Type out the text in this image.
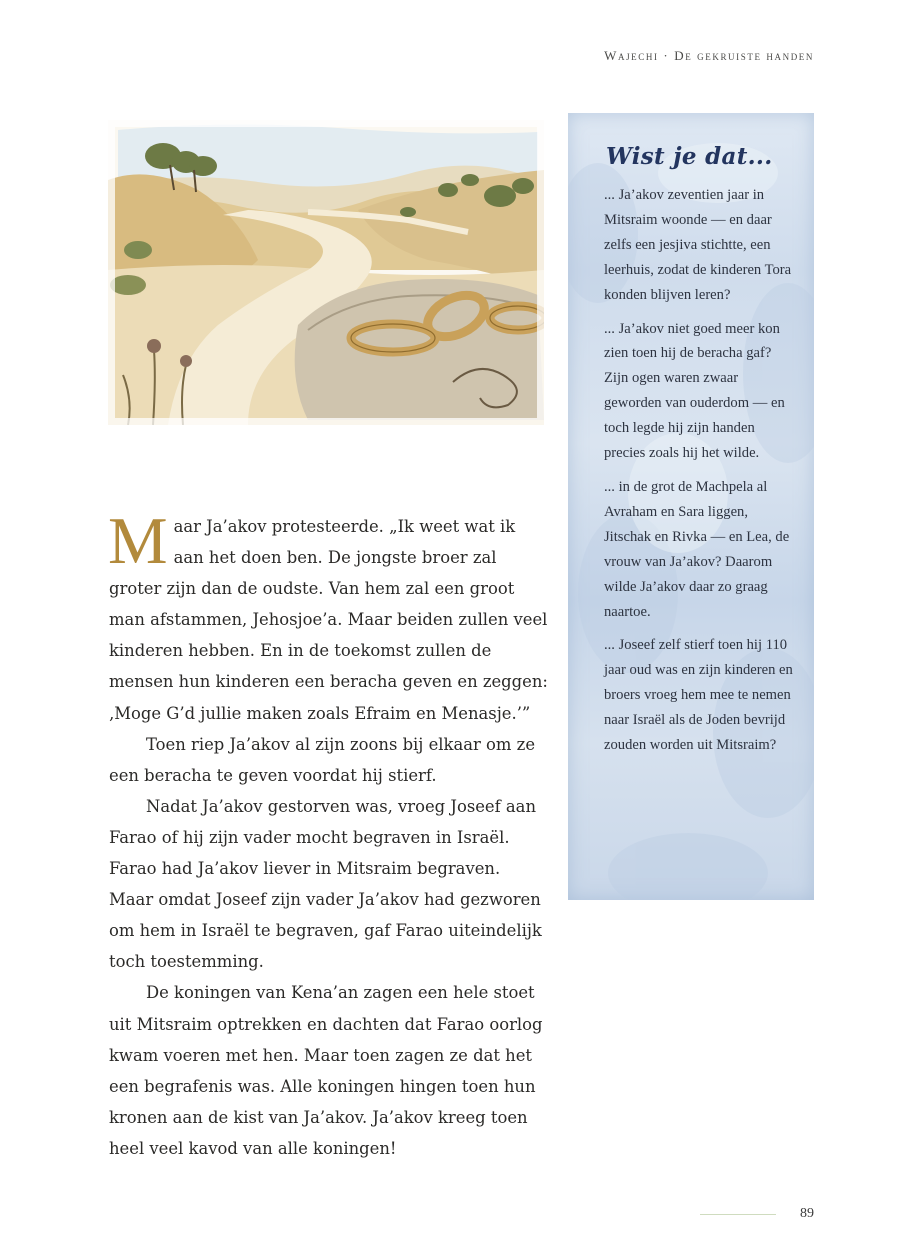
Wajechi · De gekruiste handen

Maar Ja’akov protesteerde. „Ik weet wat ik aan het doen ben. De jongste broer zal groter zijn dan de oudste. Van hem zal een groot man afstammen, Jehosjoe’a. Maar beiden zullen veel kinderen hebben. En in de toekomst zullen de mensen hun kinderen een beracha geven en zeggen: ‚Moge G’d jullie maken zoals Efraim en Menasje.’”

Toen riep Ja’akov al zijn zoons bij elkaar om ze een beracha te geven voordat hij stierf.

Nadat Ja’akov gestorven was, vroeg Joseef aan Farao of hij zijn vader mocht begraven in Israël. Farao had Ja’akov liever in Mitsraim begraven. Maar omdat Joseef zijn vader Ja’akov had gezworen om hem in Israël te begraven, gaf Farao uiteindelijk toch toestemming.

De koningen van Kena’an zagen een hele stoet uit Mitsraim optrekken en dachten dat Farao oorlog kwam voeren met hen. Maar toen zagen ze dat het een begrafenis was. Alle koningen hingen toen hun kronen aan de kist van Ja’akov. Ja’akov kreeg toen heel veel kavod van alle koningen!

Wist je dat...

... Ja’akov zeventien jaar in Mitsraim woonde — en daar zelfs een jesjiva stichtte, een leerhuis, zodat de kinderen Tora konden blijven leren?

... Ja’akov niet goed meer kon zien toen hij de beracha gaf? Zijn ogen waren zwaar geworden van ouderdom — en toch legde hij zijn handen precies zoals hij het wilde.

... in de grot de Machpela al Avraham en Sara liggen, Jitschak en Rivka — en Lea, de vrouw van Ja’akov? Daarom wilde Ja’akov daar zo graag naartoe.

... Joseef zelf stierf toen hij 110 jaar oud was en zijn kinderen en broers vroeg hem mee te nemen naar Israël als de Joden bevrijd zouden worden uit Mitsraim?

89
